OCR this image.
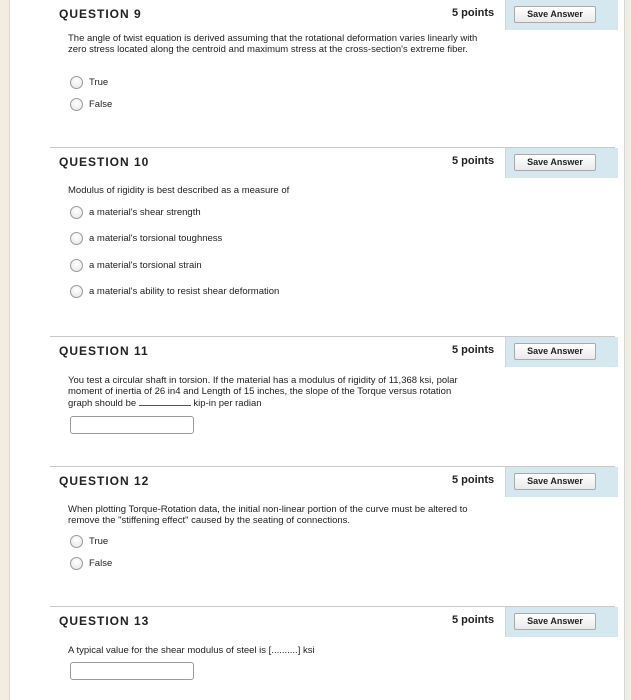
QUESTION 9	5 points	Save Answer
The angle of twist equation is derived assuming that the rotational deformation varies linearly with zero stress located along the centroid and maximum stress at the cross-section's extreme fiber.
True
False
QUESTION 10	5 points	Save Answer
Modulus of rigidity is best described as a measure of
a material's shear strength
a material's torsional toughness
a material's torsional strain
a material's ability to resist shear deformation
QUESTION 11	5 points	Save Answer
You test a circular shaft in torsion. If the material has a modulus of rigidity of 11,368 ksi, polar moment of inertia of 26 in4 and Length of 15 inches, the slope of the Torque versus rotation graph should be	kip-in per radian
QUESTION 12	5 points	Save Answer
When plotting Torque-Rotation data, the initial non-linear portion of the curve must be altered to remove the "stiffening effect" caused by the seating of connections.
True
False
QUESTION 13	5 points	Save Answer
A typical value for the shear modulus of steel is [..........] ksi
